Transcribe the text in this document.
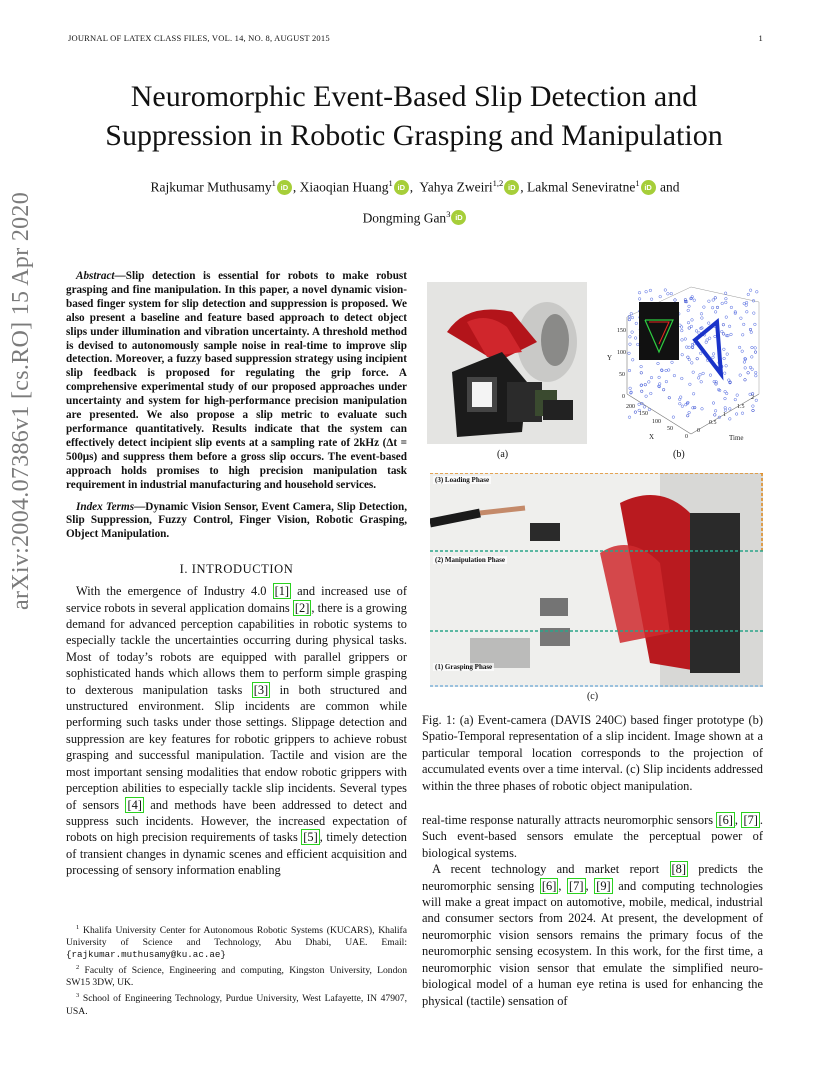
JOURNAL OF LATEX CLASS FILES, VOL. 14, NO. 8, AUGUST 2015	1
Neuromorphic Event-Based Slip Detection and
Suppression in Robotic Grasping and Manipulation
Rajkumar Muthusamy$^1$ iD , Xiaoqian Huang$^1$ iD ,  Yahya Zweiri$^{1,2}$ iD , Lakmal Seneviratne$^1$ iD and
Dongming Gan$^3$ iD
arXiv:2004.07386v1 [cs.RO] 15 Apr 2020	Abstract—Slip detection is essential for robots to make robust grasping and fine manipulation. In this paper, a novel dynamic vision-based finger system for slip detection and suppression is proposed. We also present a baseline and feature based approach to detect object slips under illumination and vibration uncertainty. A threshold method is devised to autonomously sample noise in real-time to improve slip detection. Moreover, a fuzzy based suppression strategy using incipient slip feedback is proposed for regulating the grip force. A comprehensive experimental study of our proposed approaches under uncertainty and system for high-performance precision manipulation are presented. We also propose a slip metric to evaluate such performance quantitatively. Results indicate that the system can effectively detect incipient slip events at a sampling rate of 2kHz (Δt = 500μs) and suppress them before a gross slip occurs. The event-based approach holds promises to high precision manipulation task requirement in industrial manufacturing and household services.

Index Terms—Dynamic Vision Sensor, Event Camera, Slip Detection, Slip Suppression, Fuzzy Control, Finger Vision, Robotic Grasping, Object Manipulation.

I. INTRODUCTION

With the emergence of Industry 4.0 [1] and increased use of service robots in several application domains [2] , there is a growing demand for advanced perception capabilities in robotic systems to especially tackle the uncertainties occurring during physical tasks. Most of today’s robots are equipped with parallel grippers or sophisticated hands which allows them to perform simple grasping to dexterous manipulation tasks [3] in both structured and unstructured environment. Slip incidents are common while performing such tasks under those settings. Slippage detection and suppression are key features for robotic grippers to achieve robust grasping and successful manipulation. Tactile and vision are the most important sensing modalities that endow robotic grippers with perception abilities to especially tackle slip incidents. Several types of sensors [4] and methods have been addressed to detect and suppress such incidents. However, the increased expectation of robots on high precision requirements of tasks [5] , timely detection of transient changes in dynamic scenes and efficient acquisition and processing of sensory information enabling

$^1$ Khalifa University Center for Autonomous Robotic Systems (KUCARS), Khalifa University of Science and Technology, Abu Dhabi, UAE. Email: {rajkumar.muthusamy@ku.ac.ae}

$^2$ Faculty of Science, Engineering and computing, Kingston University, London SW15 3DW, UK.

$^3$ School of Engineering Technology, Purdue University, West Lafayette, IN 47907, USA.

(a)
150
100
50
0
Y
200
150
100
50
0
X
2
1.5
1
0.5
0
Time
(b)
(3) Loading Phase
(2) Manipulation Phase
(1) Grasping Phase
(c)

Fig. 1: (a) Event-camera (DAVIS 240C) based finger prototype (b) Spatio-Temporal representation of a slip incident. Image shown at a particular temporal location corresponds to the projection of accumulated events over a time interval. (c) Slip incidents addressed within the three phases of robotic object manipulation.

real-time response naturally attracts neuromorphic sensors [6] , [7] . Such event-based sensors emulate the perceptual power of biological systems.

A recent technology and market report [8] predicts the neuromorphic sensing [6] , [7] , [9] and computing technologies will make a great impact on automotive, mobile, medical, industrial and consumer sectors from 2024. At present, the development of neuromorphic vision sensors remains the primary focus of the neuromorphic sensing ecosystem. In this work, for the first time, a neuromorphic vision sensor that emulate the simplified neuro-biological model of a human eye retina is used for enhancing the physical (tactile) sensation of
